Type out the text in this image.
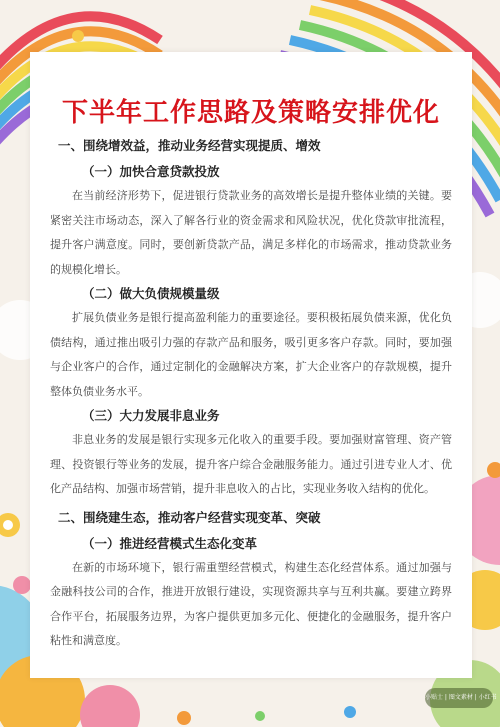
下半年工作思路及策略安排优化
一、围绕增效益，推动业务经营实现提质、增效
（一）加快合意贷款投放

在当前经济形势下，促进银行贷款业务的高效增长是提升整体业绩的关键。要紧密关注市场动态，深入了解各行业的资金需求和风险状况，优化贷款审批流程，提升客户满意度。同时，要创新贷款产品，满足多样化的市场需求，推动贷款业务的规模化增长。

（二）做大负债规模量级

扩展负债业务是银行提高盈利能力的重要途径。要积极拓展负债来源，优化负债结构，通过推出吸引力强的存款产品和服务，吸引更多客户存款。同时，要加强与企业客户的合作，通过定制化的金融解决方案，扩大企业客户的存款规模，提升整体负债业务水平。

（三）大力发展非息业务

非息业务的发展是银行实现多元化收入的重要手段。要加强财富管理、资产管理、投资银行等业务的发展，提升客户综合金融服务能力。通过引进专业人才、优化产品结构、加强市场营销，提升非息收入的占比，实现业务收入结构的优化。

二、围绕建生态，推动客户经营实现变革、突破
（一）推进经营模式生态化变革

在新的市场环境下，银行需重塑经营模式，构建生态化经营体系。通过加强与金融科技公司的合作，推进开放银行建设，实现资源共享与互利共赢。要建立跨界合作平台，拓展服务边界，为客户提供更加多元化、便捷化的金融服务，提升客户粘性和满意度。

小贴士 | 图文素材 | 小红书
